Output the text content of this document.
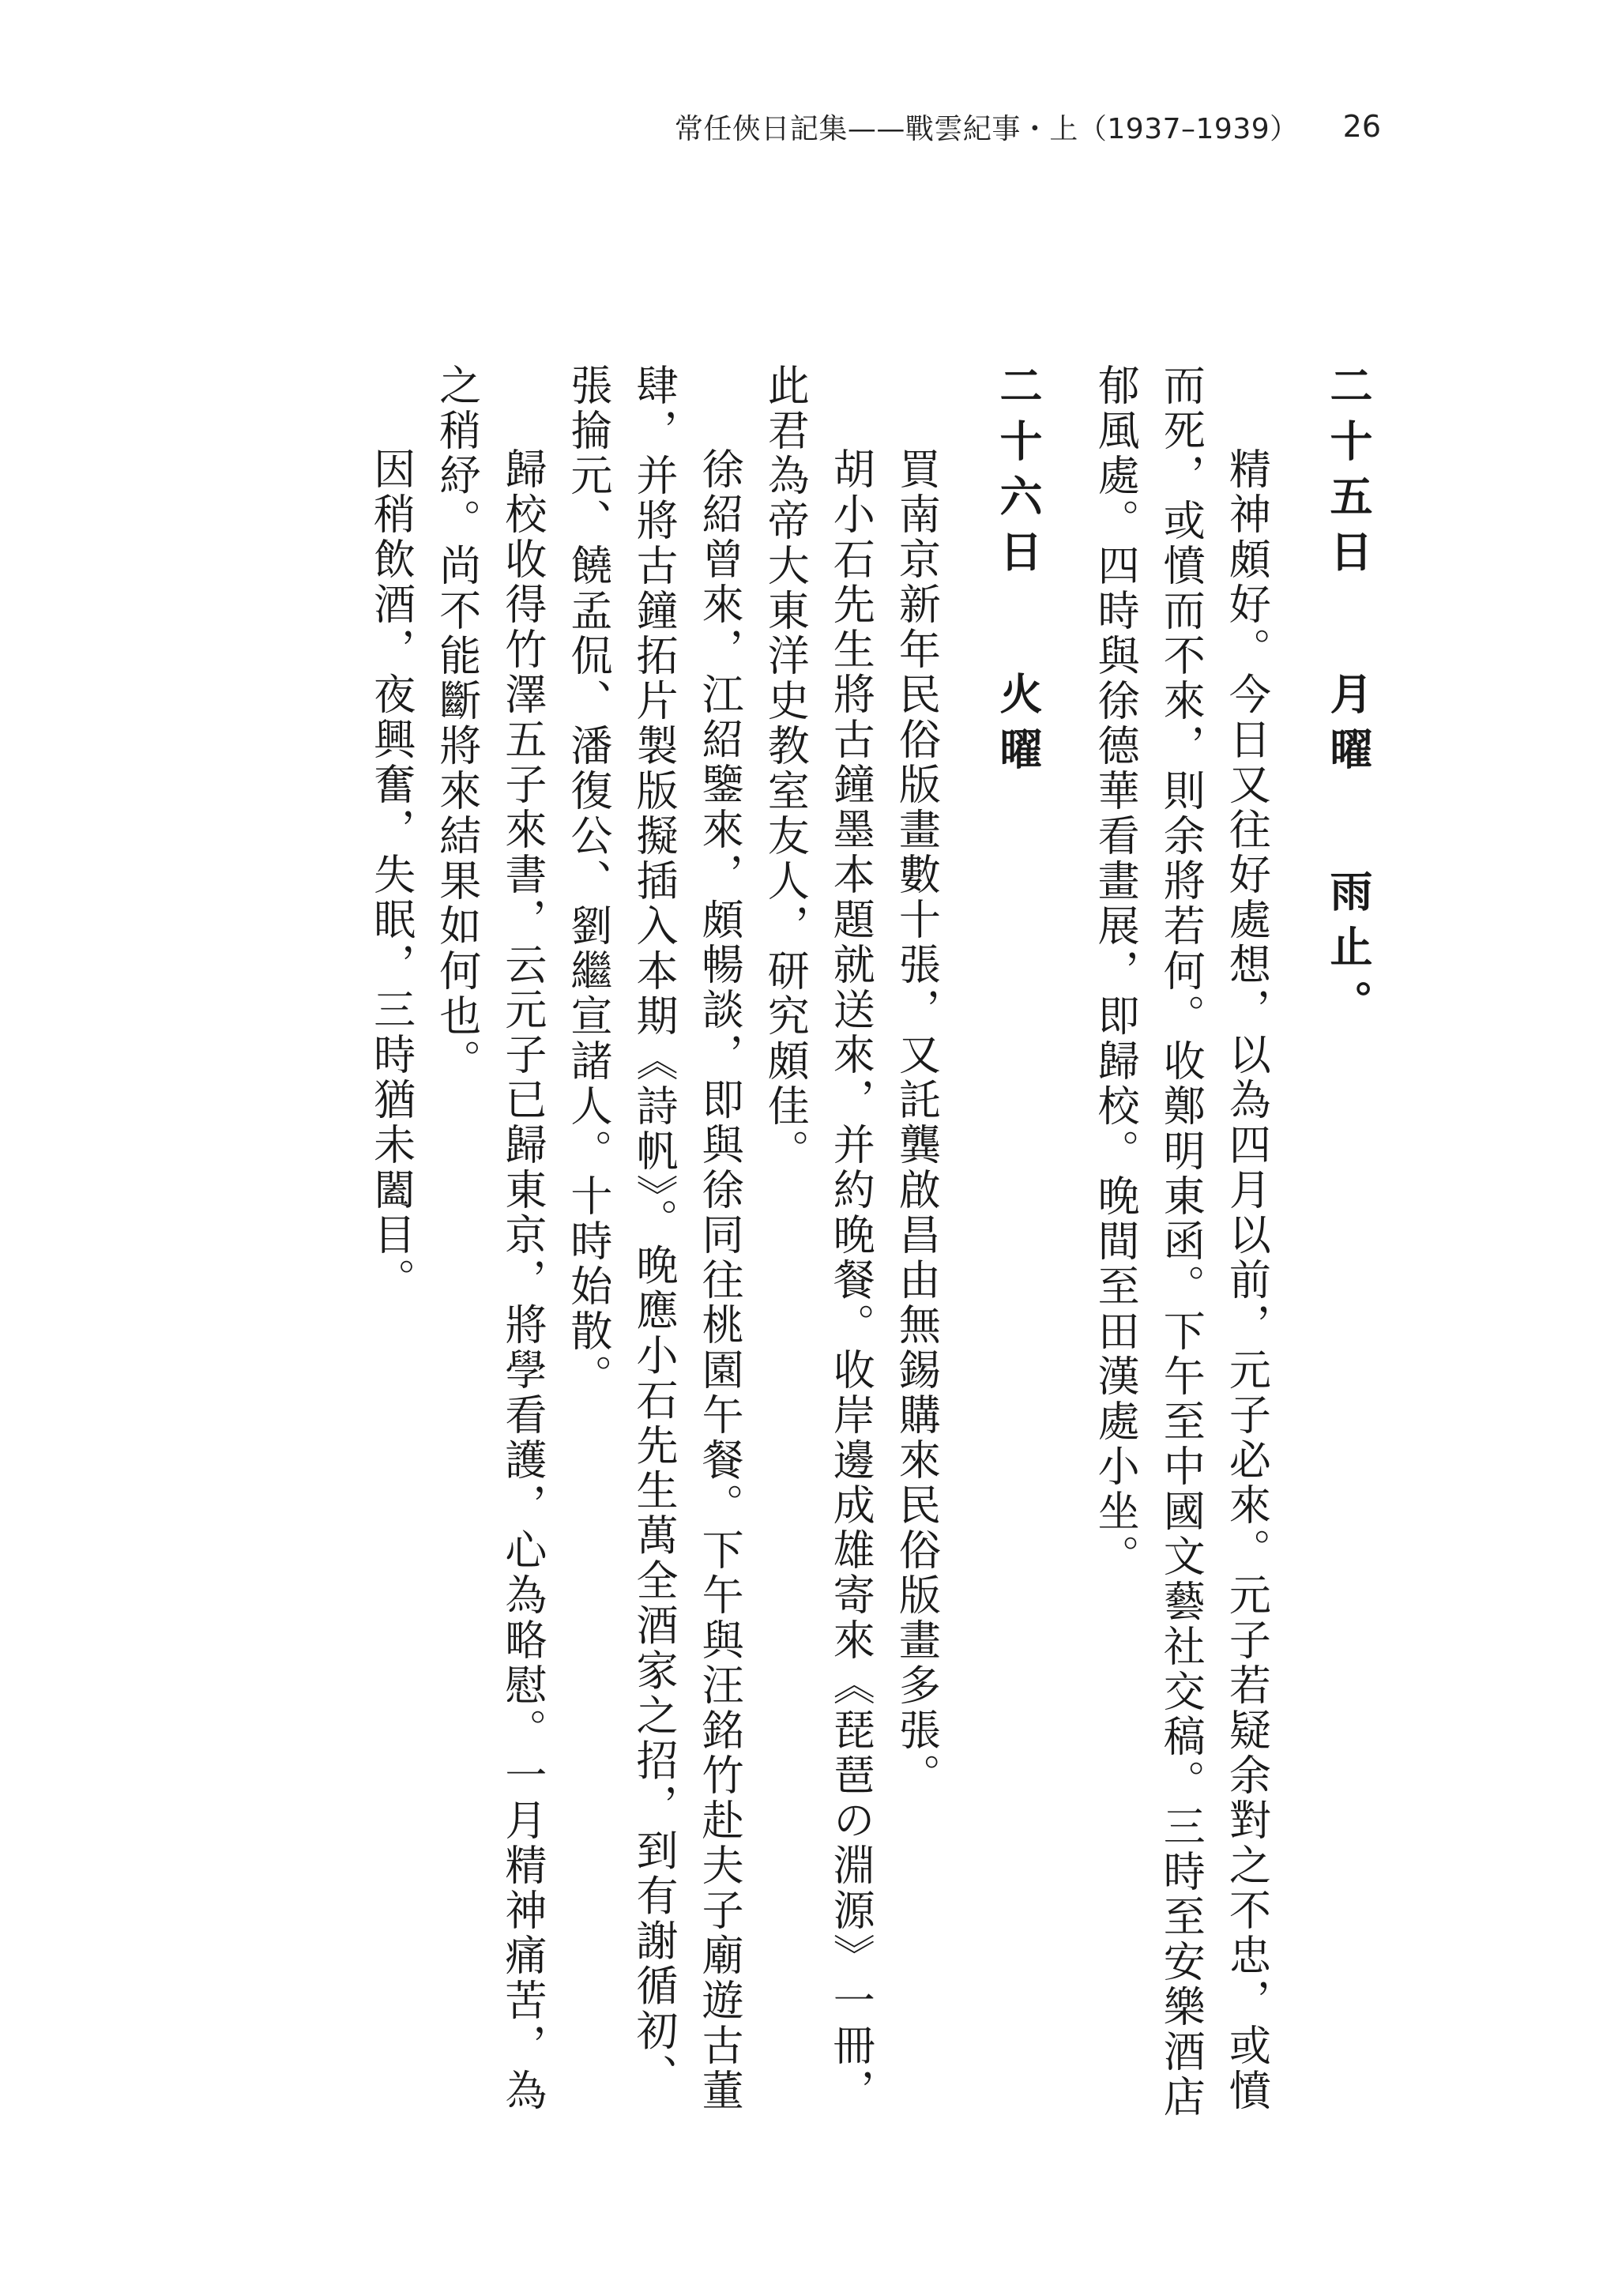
常任俠日記集——戰雲紀事・上（1937–1939） 26
二十五日月曜雨止。

精神頗好。今日又往好處想，以為四月以前，元子必來。元子若疑余對之不忠，或憤而死，或憤而不來，則余將若何。收鄭明東函。下午至中國文藝社交稿。三時至安樂酒店郁風處。四時與徐德華看畫展，即歸校。晚間至田漢處小坐。

二十六日火曜

買南京新年民俗版畫數十張，又託龔啟昌由無錫購來民俗版畫多張。

胡小石先生將古鐘墨本題就送來，并約晚餐。收岸邊成雄寄來《琵琶の淵源》一冊，此君為帝大東洋史教室友人，研究頗佳。

徐紹曾來，江紹鑒來，頗暢談，即與徐同往桃園午餐。下午與汪銘竹赴夫子廟遊古董肆，并將古鐘拓片製版擬插入本期《詩帆》。晚應小石先生萬全酒家之招，到有謝循初、張掄元、饒孟侃、潘復公、劉繼宣諸人。十時始散。

歸校收得竹澤五子來書，云元子已歸東京，將學看護，心為略慰。一月精神痛苦，為之稍紓。尚不能斷將來結果如何也。

因稍飲酒，夜興奮，失眠，三時猶未闔目。
